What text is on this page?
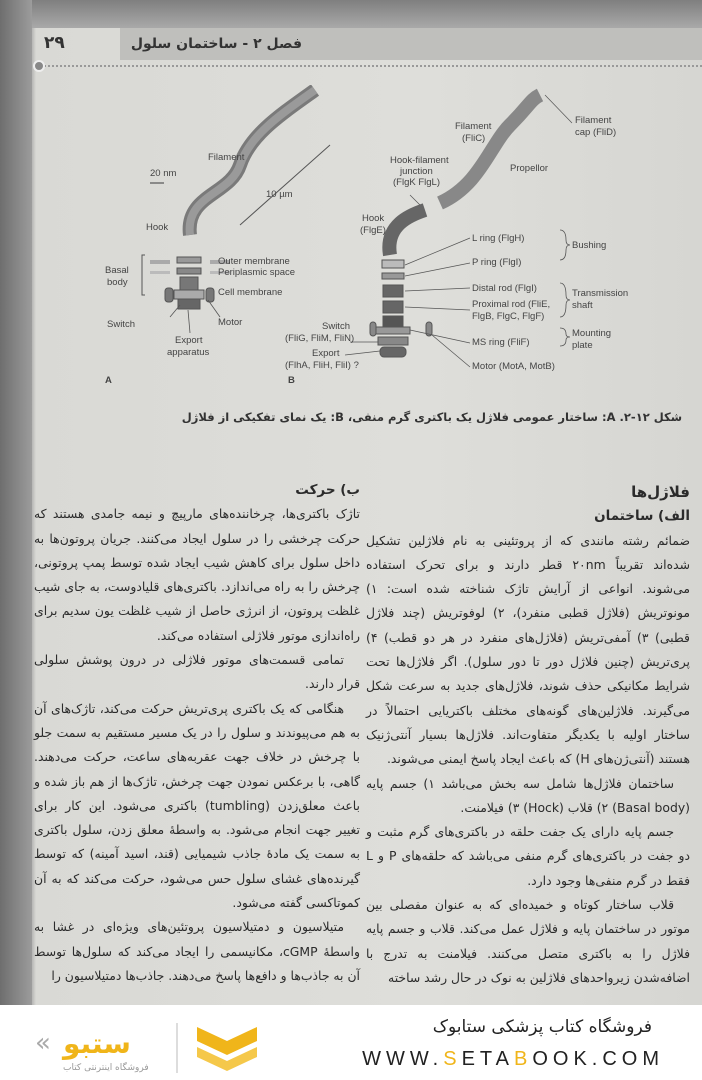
۲۹	فصل ۲ - ساختمان سلول
Filament
20 nm
10 µm
Hook
Basal
body
Outer membrane
Periplasmic space
Cell membrane
Switch	Motor
Export
apparatus
A
Filament
(FliC)
Filament
cap (FliD)
Hook-filament
junction
(FlgK FlgL)
Propellor
Hook
(FlgE)
L ring (FlgH)
P ring (FlgI)
Bushing
Distal rod (FlgI)
Proximal rod (FliE,
FlgB, FlgC, FlgF)
Transmission
shaft
Switch
(FliG, FliM, FliN)
Export
(FlhA, FliH, FliI) ?
MS ring (FliF)
Mounting
plate
Motor (MotA, MotB)
B
شکل ۱۲-۲. A: ساختار عمومی فلاژل یک باکتری گرم منفی، B: یک نمای تفکیکی از فلاژل
فلاژل‌ها
الف) ساختمان

ضمائم رشته مانندی که از پروتئینی به نام فلاژلین تشکیل شده‌اند تقریباً ۲۰nm قطر دارند و برای تحرک استفاده می‌شوند. انواعی از آرایش تاژک شناخته شده است: ۱) مونوتریش (فلاژل قطبی منفرد)، ۲) لوفوتریش (چند فلاژل قطبی) ۳) آمفی‌تریش (فلاژل‌های منفرد در هر دو قطب) ۴) پری‌تریش (چنین فلاژل دور تا دور سلول). اگر فلاژل‌ها تحت شرایط مکانیکی حذف شوند، فلاژل‌های جدید به سرعت شکل می‌گیرند. فلاژلین‌های گونه‌های مختلف باکتریایی احتمالاً در ساختار اولیه با یکدیگر متفاوت‌اند. فلاژل‌ها بسیار آنتی‌ژنیک هستند (آنتی‌ژن‌های H) که باعث ایجاد پاسخ ایمنی می‌شوند.

ساختمان فلاژل‌ها شامل سه بخش می‌باشد ۱) جسم پایه (Basal body) ۲) قلاب (Hock) ۳) فیلامنت.

جسم پایه دارای یک جفت حلقه در باکتری‌های گرم مثبت و دو جفت در باکتری‌های گرم منفی می‌باشد که حلقه‌های P و L فقط در گرم منفی‌ها وجود دارد.

قلاب ساختار کوتاه و خمیده‌ای که به عنوان مفصلی بین موتور در ساختمان پایه و فلاژل عمل می‌کند. قلاب و جسم پایه فلاژل را به باکتری متصل می‌کنند. فیلامنت به تدرج با اضافه‌شدن زیرواحدهای فلاژلین به نوک در حال رشد ساخته

ب) حرکت

تاژک باکتری‌ها، چرخاننده‌های مارپیچ و نیمه جامدی هستند که حرکت چرخشی را در سلول ایجاد می‌کنند. جریان پروتون‌ها به داخل سلول برای کاهش شیب ایجاد شده توسط پمپ پروتونی، چرخش را به راه می‌اندازد. باکتری‌های قلیادوست، به جای شیب غلظت پروتون، از انرژی حاصل از شیب غلظت یون سدیم برای راه‌اندازی موتور فلاژلی استفاده می‌کند.

تمامی قسمت‌های موتور فلاژلی در درون پوشش سلولی قرار دارند.

هنگامی که یک باکتری پری‌تریش حرکت می‌کند، تاژک‌های آن به هم می‌پیوندند و سلول را در یک مسیر مستقیم به سمت جلو با چرخش در خلاف جهت عقربه‌های ساعت، حرکت می‌دهند. گاهی، با برعکس نمودن جهت چرخش، تاژک‌ها از هم باز شده و باعث معلق‌زدن (tumbling) باکتری می‌شود. این کار برای تغییر جهت انجام می‌شود. به واسطهٔ معلق زدن، سلول باکتری به سمت یک مادهٔ جاذب شیمیایی (قند، اسید آمینه) که توسط گیرنده‌های غشای سلول حس می‌شود، حرکت می‌کند که به آن کموتاکسی گفته می‌شود.

متیلاسیون و دمتیلاسیون پروتئین‌های ویژه‌ای در غشا به واسطهٔ cGMP، مکانیسمی را ایجاد می‌کند که سلول‌ها توسط آن به جاذب‌ها و دافع‌ها پاسخ می‌دهند. جاذب‌ها دمتیلاسیون را

« ستبو
فروشگاه اینترنتی کتاب
فروشگاه کتاب پزشکی ستابوک
WWW.SETABOOK.COM
